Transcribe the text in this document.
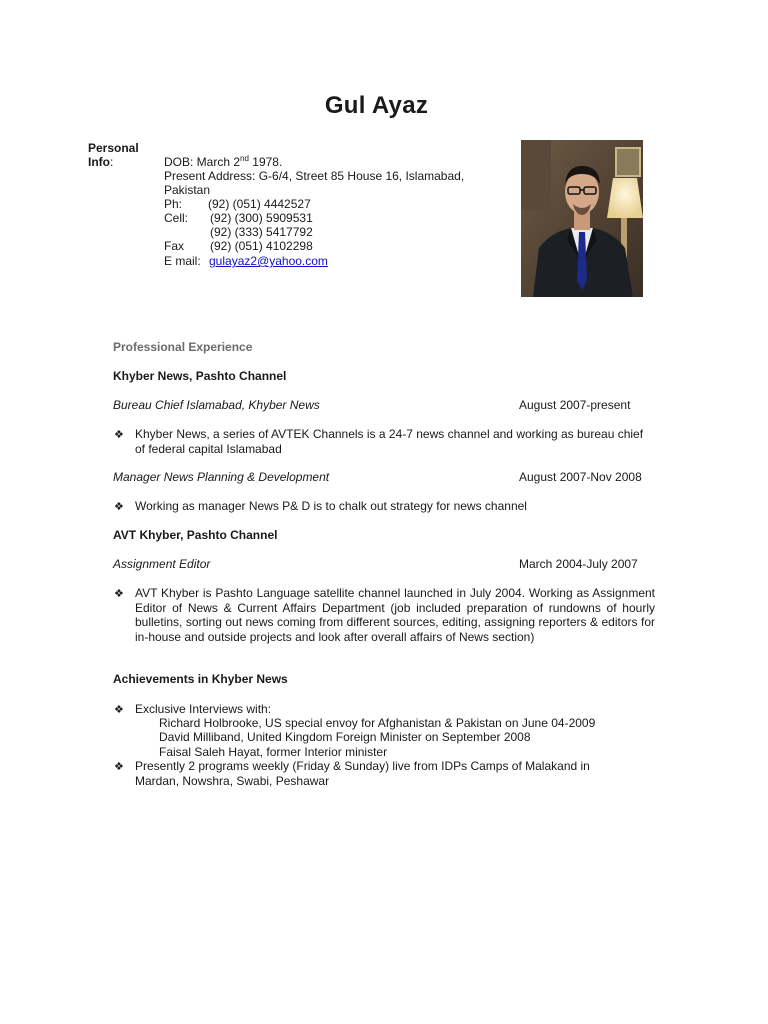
Gul Ayaz
Personal
Info:	DOB: March 2nd 1978.
Present Address: G-6/4, Street 85 House 16, Islamabad,
Pakistan
Ph: (92) (051) 4442527
Cell: (92) (300) 5909531
(92) (333) 5417792
Fax (92) (051) 4102298
E mail: gulayaz2@yahoo.com
Professional Experience
Khyber News, Pashto Channel
Bureau Chief Islamabad, Khyber News	August 2007-present
❖ Khyber News, a series of AVTEK Channels is a 24-7 news channel and working as bureau chief of federal capital Islamabad
Manager News Planning & Development	August 2007-Nov 2008
❖ Working as manager News P& D is to chalk out strategy for news channel
AVT Khyber, Pashto Channel
Assignment Editor	March 2004-July 2007
❖ AVT Khyber is Pashto Language satellite channel launched in July 2004. Working as Assignment Editor of News & Current Affairs Department (job included preparation of rundowns of hourly bulletins, sorting out news coming from different sources, editing, assigning reporters & editors for in-house and outside projects and look after overall affairs of News section)
Achievements in Khyber News
❖ Exclusive Interviews with:
Richard Holbrooke, US special envoy for Afghanistan & Pakistan on June 04-2009
David Milliband, United Kingdom Foreign Minister on September 2008
Faisal Saleh Hayat, former Interior minister
❖ Presently 2 programs weekly (Friday & Sunday) live from IDPs Camps of Malakand in Mardan, Nowshra, Swabi, Peshawar
